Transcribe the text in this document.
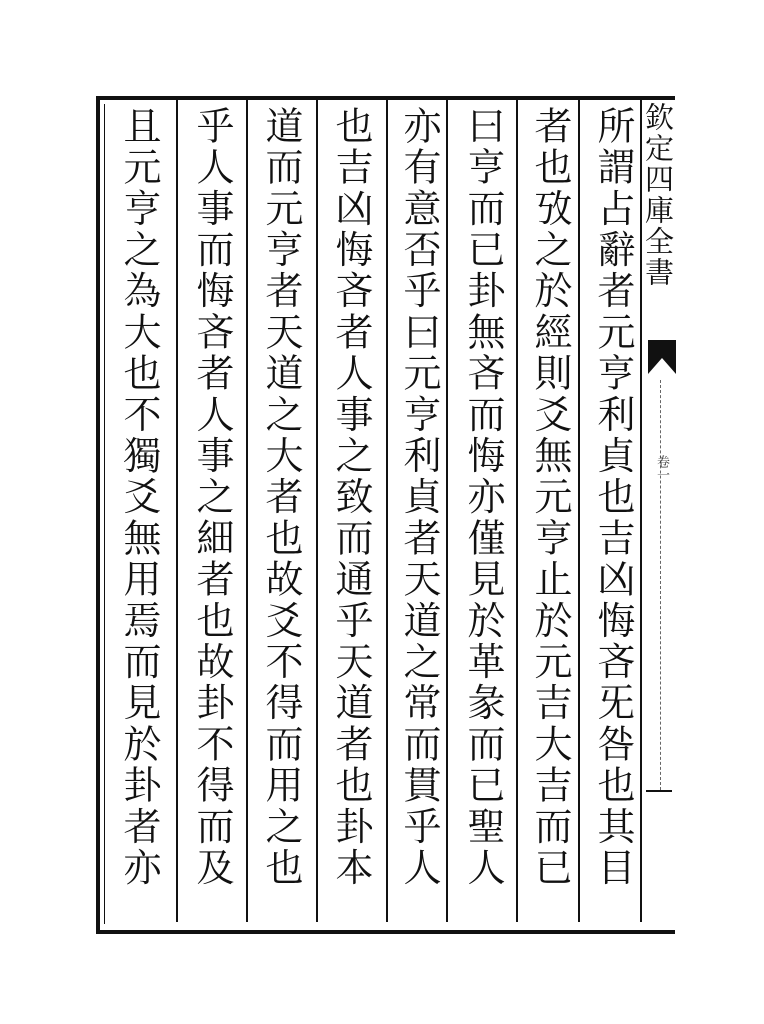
所謂占辭者元亨利貞也吉凶悔吝旡咎也其目
者也攷之於經則爻無元亨止於元吉大吉而已
曰亨而已卦無吝而悔亦僅見於革彖而已聖人
亦有意否乎曰元亨利貞者天道之常而貫乎人
也吉凶悔吝者人事之致而通乎天道者也卦本
道而元亨者天道之大者也故爻不得而用之也
乎人事而悔吝者人事之細者也故卦不得而及
且元亨之為大也不獨爻無用焉而見於卦者亦
欽定四庫全書
卷一
